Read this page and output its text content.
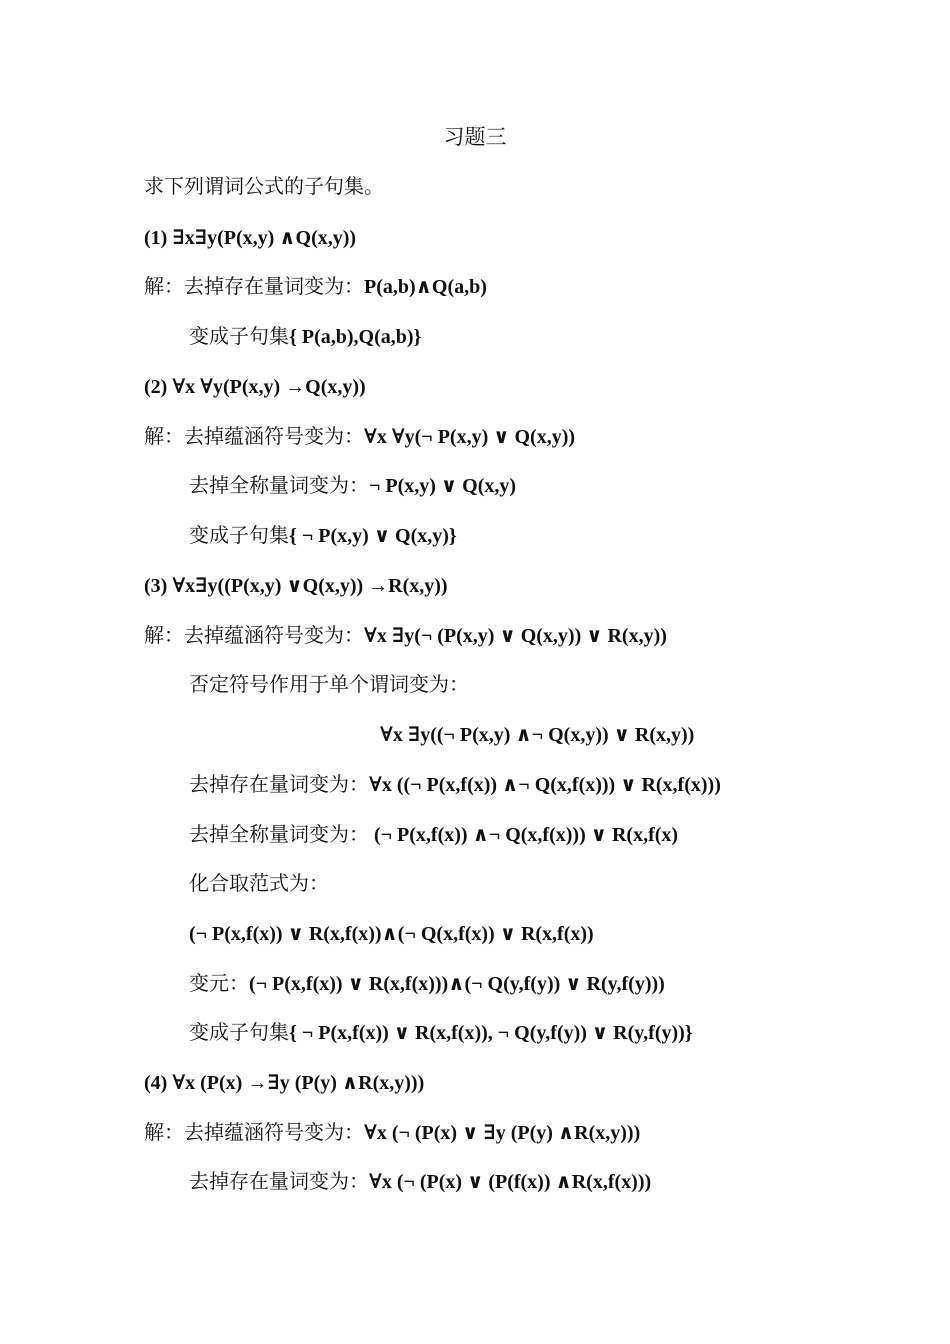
习题三
求下列谓词公式的子句集。
(1) ∃x∃y(P(x,y) ∧Q(x,y))
解：去掉存在量词变为：P(a,b)∧Q(a,b)
变成子句集{ P(a,b),Q(a,b)}
(2) ∀x ∀y(P(x,y) →Q(x,y))
解：去掉蕴涵符号变为：∀x ∀y(¬ P(x,y) ∨ Q(x,y))
去掉全称量词变为：¬ P(x,y) ∨ Q(x,y)
变成子句集{ ¬ P(x,y) ∨ Q(x,y)}
(3) ∀x∃y((P(x,y) ∨Q(x,y)) →R(x,y))
解：去掉蕴涵符号变为：∀x ∃y(¬ (P(x,y) ∨ Q(x,y)) ∨ R(x,y))
否定符号作用于单个谓词变为：
∀x ∃y((¬ P(x,y) ∧¬ Q(x,y)) ∨ R(x,y))
去掉存在量词变为：∀x ((¬ P(x,f(x)) ∧¬ Q(x,f(x))) ∨ R(x,f(x)))
去掉全称量词变为： (¬ P(x,f(x)) ∧¬ Q(x,f(x))) ∨ R(x,f(x)
化合取范式为：
(¬ P(x,f(x)) ∨ R(x,f(x))∧(¬ Q(x,f(x)) ∨ R(x,f(x))
变元：(¬ P(x,f(x)) ∨ R(x,f(x)))∧(¬ Q(y,f(y)) ∨ R(y,f(y)))
变成子句集{ ¬ P(x,f(x)) ∨ R(x,f(x)), ¬ Q(y,f(y)) ∨ R(y,f(y))}
(4) ∀x (P(x) →∃y (P(y) ∧R(x,y)))
解：去掉蕴涵符号变为：∀x (¬ (P(x) ∨ ∃y (P(y) ∧R(x,y)))
去掉存在量词变为：∀x (¬ (P(x) ∨ (P(f(x)) ∧R(x,f(x)))
